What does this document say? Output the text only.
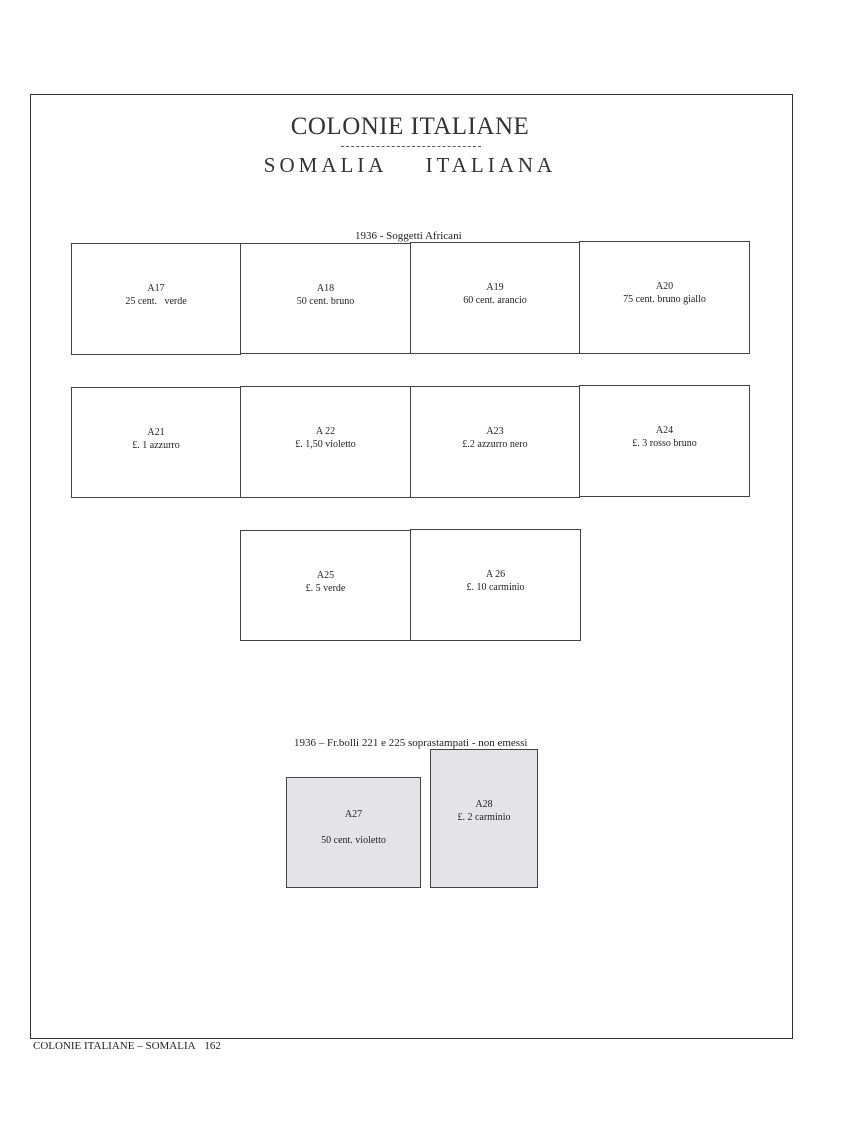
COLONIE ITALIANE
SOMALIA ITALIANA
1936 - Soggetti Africani
A17
25 cent.   verde
A18
50 cent. bruno
A19
60 cent. arancio
A20
75 cent. bruno giallo
A21
£. 1 azzurro
A 22
£. 1,50 violetto
A23
£.2 azzurro nero
A24
£. 3 rosso bruno
A25
£. 5 verde
A 26
£. 10 carminio
1936 – Fr.bolli 221 e 225 soprastampati - non emessi
A27
50 cent. violetto
A28
£. 2 carminio
COLONIE ITALIANE – SOMALIA 162
